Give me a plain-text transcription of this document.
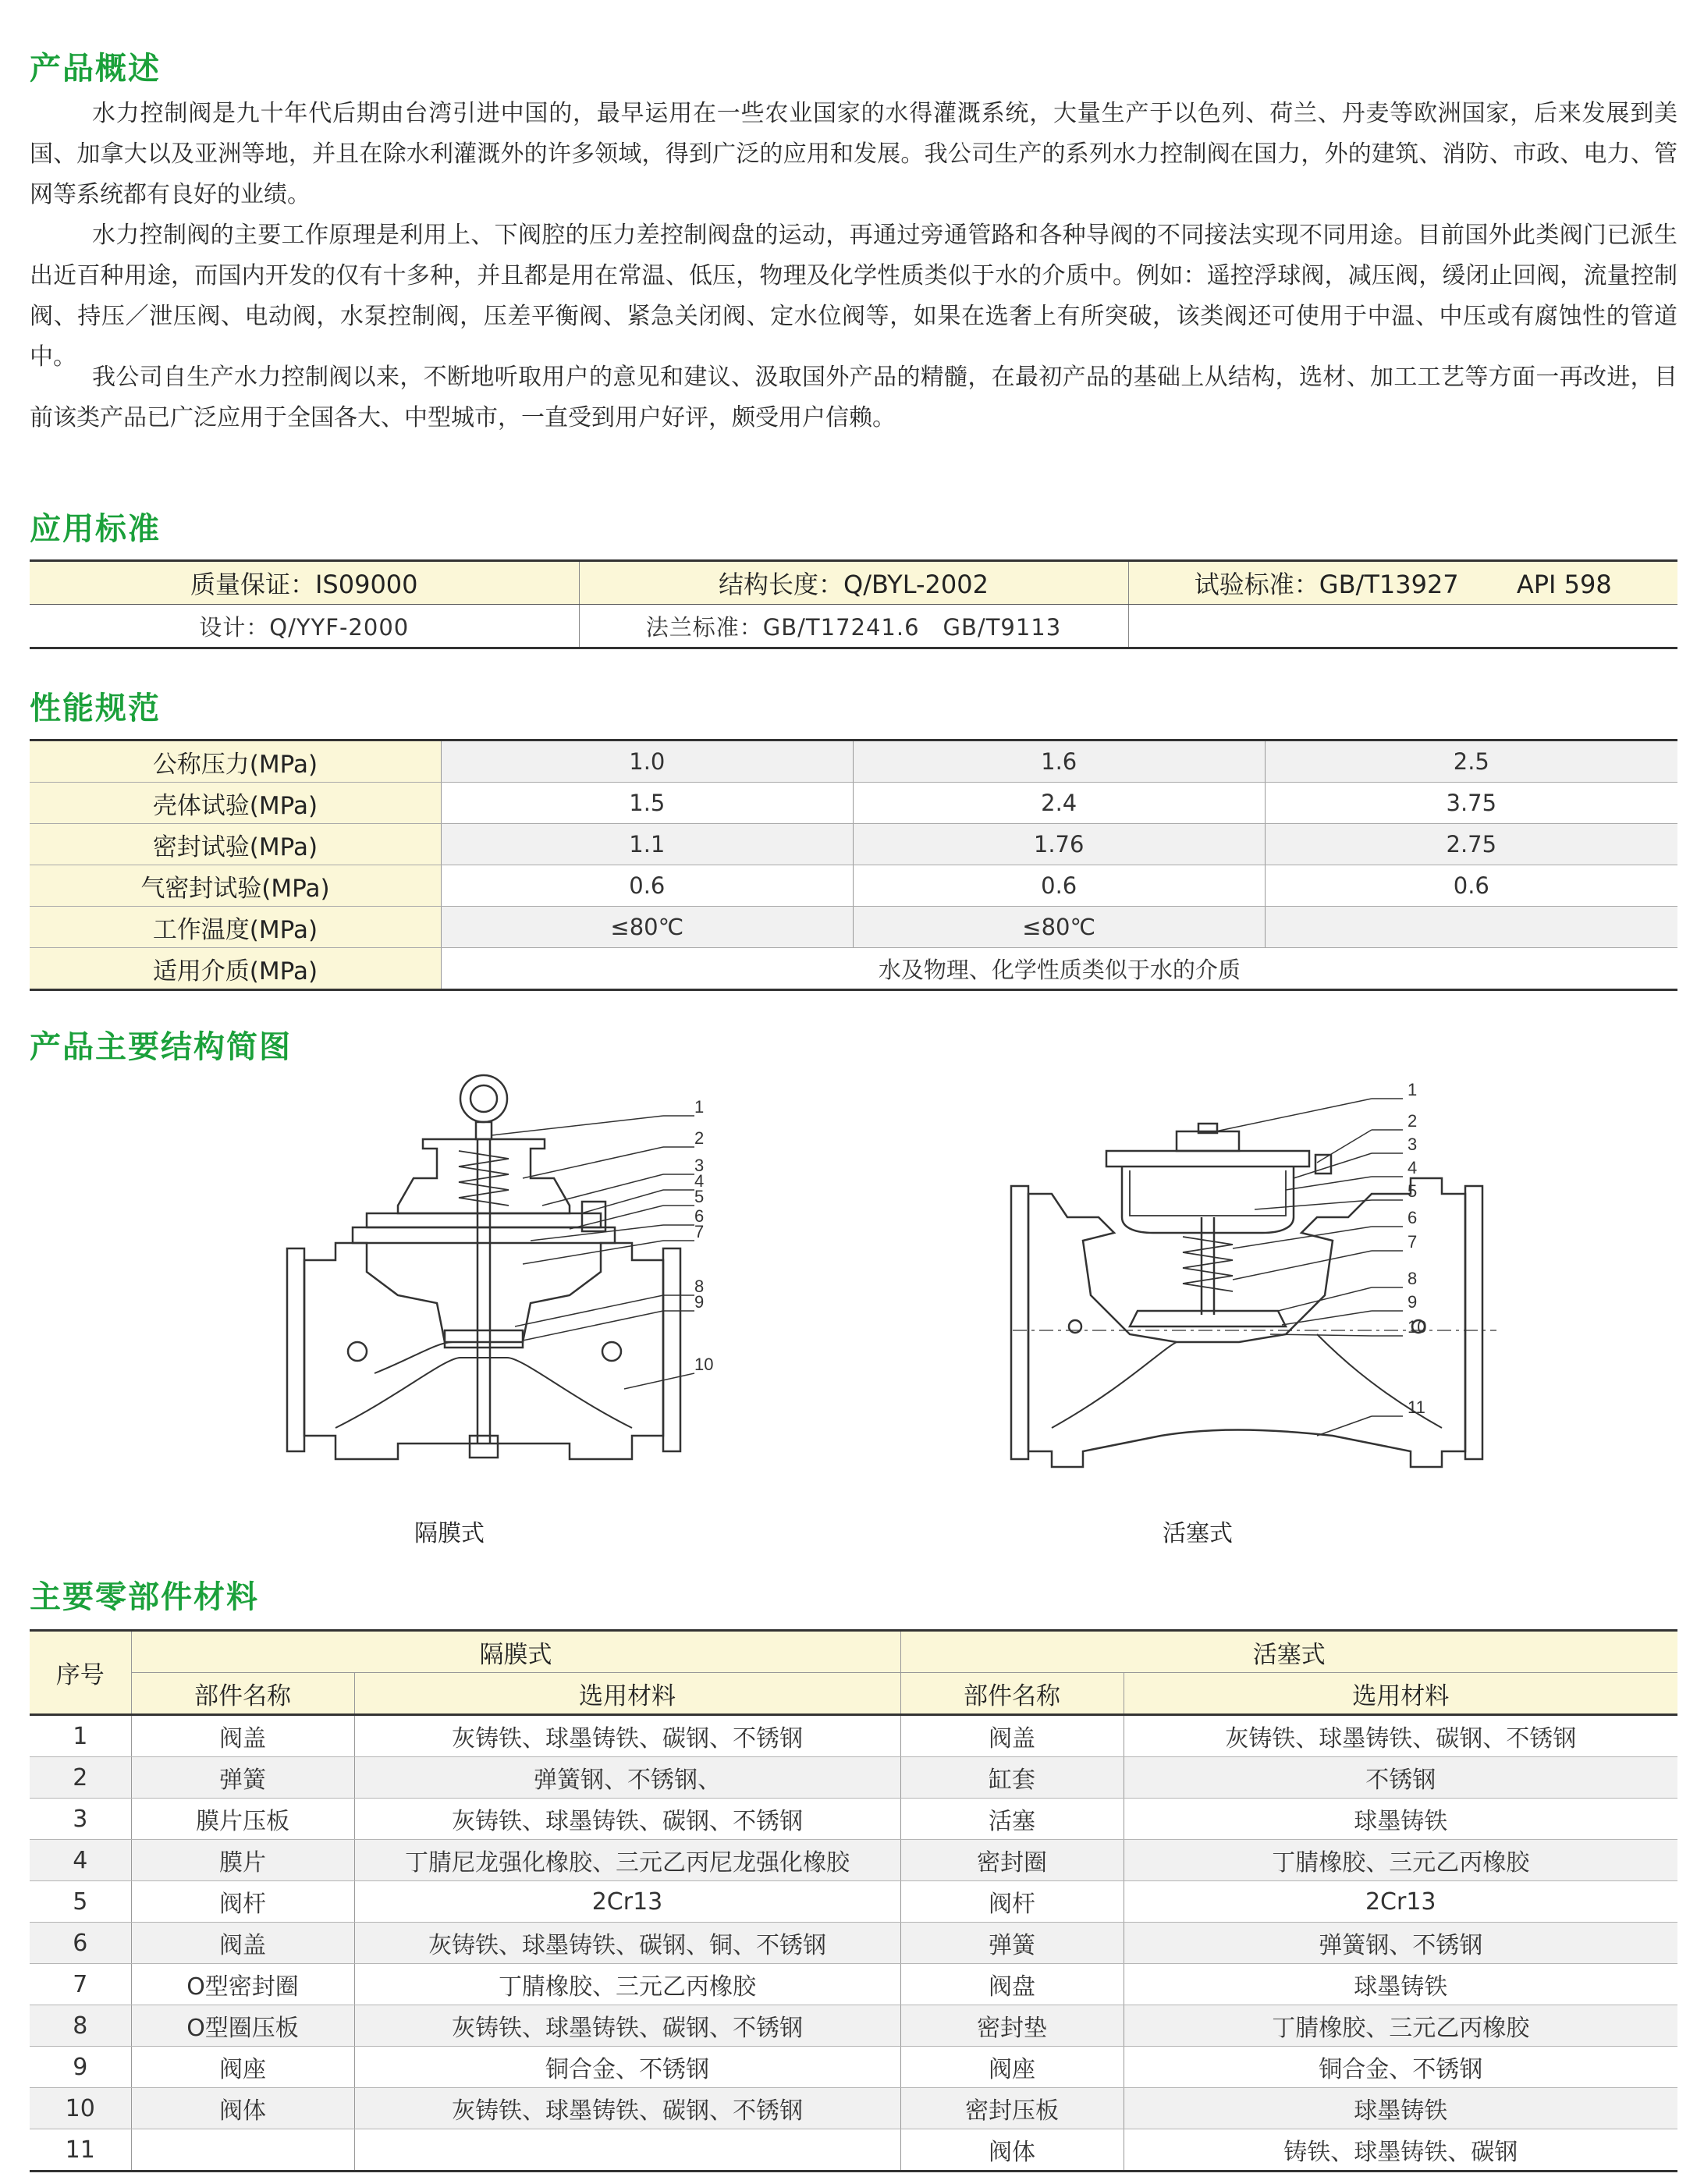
产品概述

水力控制阀是九十年代后期由台湾引进中国的，最早运用在一些农业国家的水得灌溉系统，大量生产于以色列、荷兰、丹麦等欧洲国家，后来发展到美国、加拿大以及亚洲等地，并且在除水利灌溉外的许多领域，得到广泛的应用和发展。我公司生产的系列水力控制阀在国力，外的建筑、消防、市政、电力、管网等系统都有良好的业绩。

水力控制阀的主要工作原理是利用上、下阀腔的压力差控制阀盘的运动，再通过旁通管路和各种导阀的不同接法实现不同用途。目前国外此类阀门已派生出近百种用途，而国内开发的仅有十多种，并且都是用在常温、低压，物理及化学性质类似于水的介质中。例如：遥控浮球阀，减压阀，缓闭止回阀，流量控制阀、持压／泄压阀、电动阀，水泵控制阀，压差平衡阀、紧急关闭阀、定水位阀等，如果在选奢上有所突破，该类阀还可使用于中温、中压或有腐蚀性的管道中。

我公司自生产水力控制阀以来，不断地听取用户的意见和建议、汲取国外产品的精髓，在最初产品的基础上从结构，选材、加工工艺等方面一再改进，目前该类产品已广泛应用于全国各大、中型城市，一直受到用户好评，颇受用户信赖。

应用标准
质量保证：IS09000	结构长度：Q/BYL-2002	试验标准：GB/T13927　　 API 598
设计：Q/YYF-2000	法兰标准：GB/T17241.6　GB/T9113	
性能规范
公称压力(MPa)	1.0	1.6	2.5
壳体试验(MPa)	1.5	2.4	3.75
密封试验(MPa)	1.1	1.76	2.75
气密封试验(MPa)	0.6	0.6	0.6
工作温度(MPa)	≤80℃	≤80℃	
适用介质(MPa)	水及物理、化学性质类似于水的介质		
产品主要结构简图
1
2
3
4
5
6
7
8
9
10
隔膜式
1
2
3
4
5
6
7
8
9
10
11
活塞式
主要零部件材料
序号	隔膜式		活塞式	
	部件名称	选用材料	部件名称	选用材料
1	阀盖	灰铸铁、球墨铸铁、碳钢、不锈钢	阀盖	灰铸铁、球墨铸铁、碳钢、不锈钢
2	弹簧	弹簧钢、不锈钢、	缸套	不锈钢
3	膜片压板	灰铸铁、球墨铸铁、碳钢、不锈钢	活塞	球墨铸铁
4	膜片	丁腈尼龙强化橡胶、三元乙丙尼龙强化橡胶	密封圈	丁腈橡胶、三元乙丙橡胶
5	阀杆	2Cr13	阀杆	2Cr13
6	阀盖	灰铸铁、球墨铸铁、碳钢、铜、不锈钢	弹簧	弹簧钢、不锈钢
7	O型密封圈	丁腈橡胶、三元乙丙橡胶	阀盘	球墨铸铁
8	O型圈压板	灰铸铁、球墨铸铁、碳钢、不锈钢	密封垫	丁腈橡胶、三元乙丙橡胶
9	阀座	铜合金、不锈钢	阀座	铜合金、不锈钢
10	阀体	灰铸铁、球墨铸铁、碳钢、不锈钢	密封压板	球墨铸铁
11			阀体	铸铁、球墨铸铁、碳钢
